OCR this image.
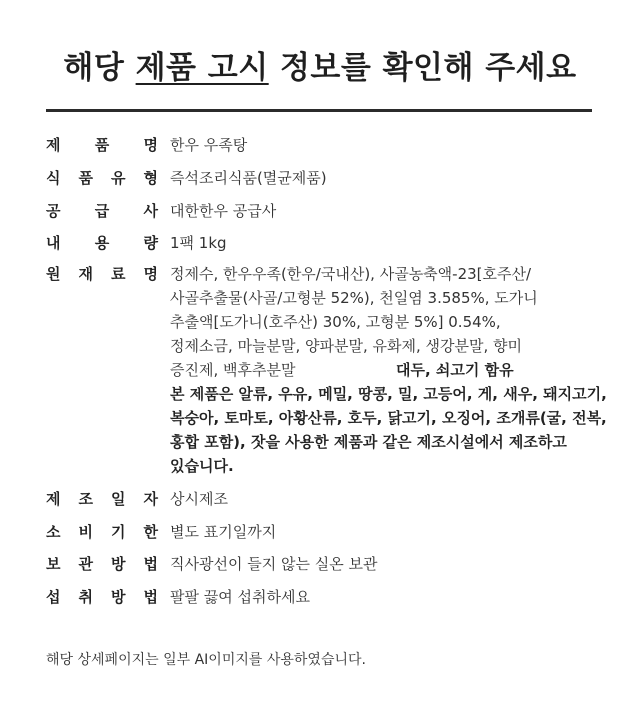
해당 제품 고시 정보를 확인해 주세요
제 품 명 한우 우족탕
식 품 유 형 즉석조리식품(멸균제품)
공 급 사 대한한우 공급사
내 용 량 1팩 1kg
원 재 료 명 정제수, 한우우족(한우/국내산), 사골농축액-23[호주산/

사골추출물(사골/고형분 52%), 천일염 3.585%, 도가니

추출액[도가니(호주산) 30%, 고형분 5%] 0.54%,

정제소금, 마늘분말, 양파분말, 유화제, 생강분말, 향미

증진제, 백후추분말	대두, 쇠고기 함유

본 제품은 알류, 우유, 메밀, 땅콩, 밀, 고등어, 게, 새우, 돼지고기,

복숭아, 토마토, 아황산류, 호두, 닭고기, 오징어, 조개류(굴, 전복,

홍합 포함), 잣을 사용한 제품과 같은 제조시설에서 제조하고

있습니다.

제 조 일 자 상시제조
소 비 기 한 별도 표기일까지
보 관 방 법 직사광선이 들지 않는 실온 보관
섭 취 방 법 팔팔 끓여 섭취하세요
해당 상세페이지는 일부 AI이미지를 사용하였습니다.
